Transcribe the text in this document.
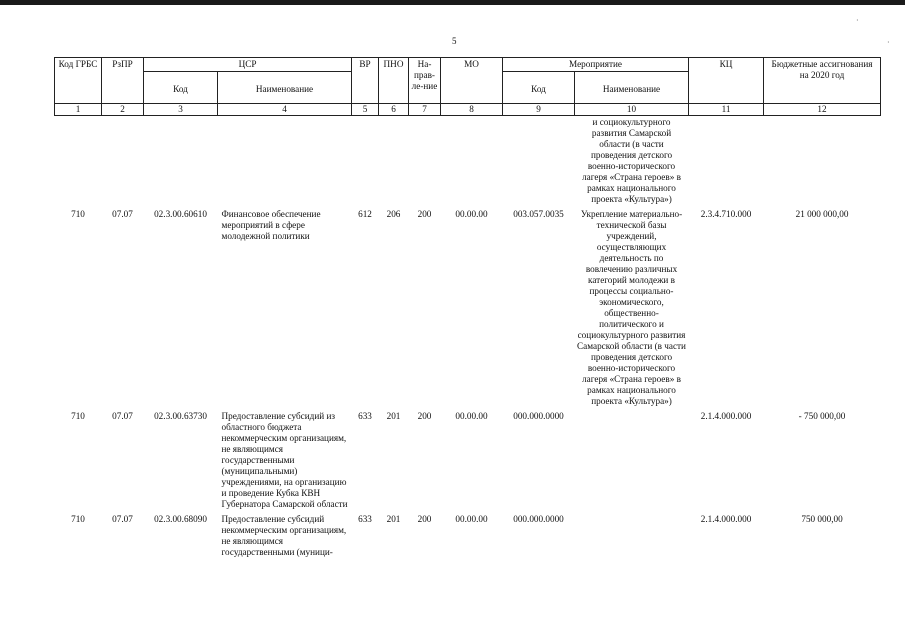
5
Код ГРБС	РзПР	ЦСР		ВР	ПНО	На-прав-ле-ние	МО	Мероприятие		КЦ	Бюджетные ассигнования на 2020 год
		Код	Наименование					Код	Наименование		
1	2	3	4	5	6	7	8	9	10	11	12
									и социокультурного развития Самарской области (в части проведения детского военно-исторического лагеря «Страна героев» в рамках национального проекта «Культура»)		
710	07.07	02.3.00.60610	Финансовое обеспечение мероприятий в сфере молодежной политики	612	206	200	00.00.00	003.057.0035	Укрепление материально-технической базы учреждений, осуществляющих деятельность по вовлечению различных категорий молодежи в процессы социально-экономического, общественно-политического и социокультурного развития Самарской области (в части проведения детского военно-исторического лагеря «Страна героев» в рамках национального проекта «Культура»)	2.3.4.710.000	21 000 000,00
710	07.07	02.3.00.63730	Предоставление субсидий из областного бюджета некоммерческим организациям, не являющимся государственными (муниципальными) учреждениями, на организацию и проведение Кубка КВН Губернатора Самарской области	633	201	200	00.00.00	000.000.0000		2.1.4.000.000	- 750 000,00
710	07.07	02.3.00.68090	Предоставление субсидий некоммерческим организациям, не являющимся государственными (муници-	633	201	200	00.00.00	000.000.0000		2.1.4.000.000	750 000,00
·
·
